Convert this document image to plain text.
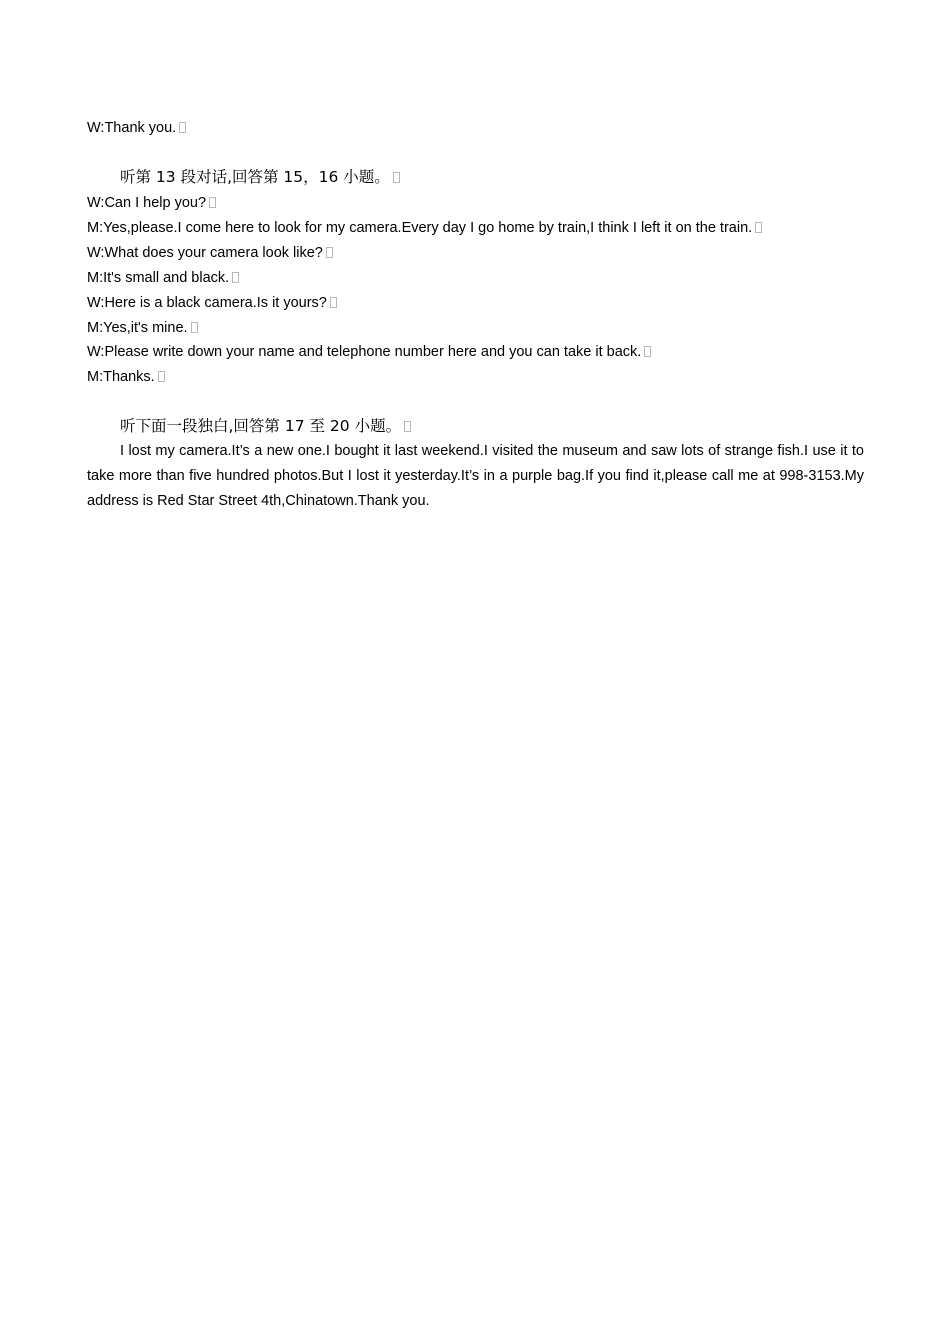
W:Thank you.
听第 13 段对话,回答第 15，16 小题。
W:Can I help you?
M:Yes,please.I come here to look for my camera.Every day I go home by train,I think I left it on the train.
W:What does your camera look like?
M:It's small and black.
W:Here is a black camera.Is it yours?
M:Yes,it's mine.
W:Please write down your name and telephone number here and you can take it back.
M:Thanks.
听下面一段独白,回答第 17 至 20 小题。
I lost my camera.It’s a new one.I bought it last weekend.I visited the museum and saw lots of strange fish.I use it to take more than five hundred photos.But I lost it yesterday.It’s in a purple bag.If you find it,please call me at 998-3153.My address is Red Star Street 4th,Chinatown.Thank you.
